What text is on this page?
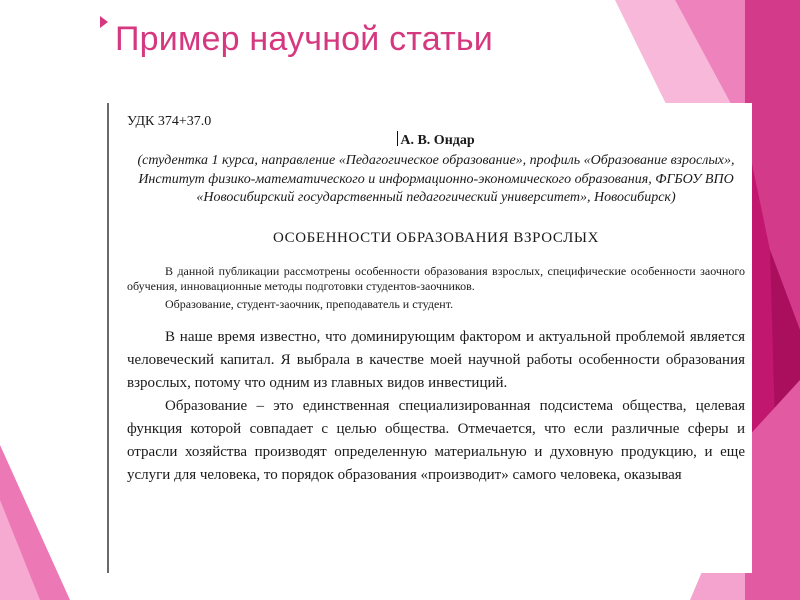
Пример научной статьи

УДК 374+37.0

А. В. Ондар

(студентка 1 курса, направление «Педагогическое образование», профиль «Образование взрослых», Институт физико-математического и информационно-экономического образования, ФГБОУ ВПО «Новосибирский государственный педагогический университет», Новосибирск)

ОСОБЕННОСТИ ОБРАЗОВАНИЯ ВЗРОСЛЫХ

В данной публикации рассмотрены особенности образования взрослых, специфические особенности заочного обучения, инновационные методы подготовки студентов-заочников.

Образование, студент-заочник, преподаватель и студент.

В наше время известно, что доминирующим фактором и актуальной проблемой является человеческий капитал. Я выбрала в качестве моей научной работы особенности образования взрослых, потому что одним из главных видов инвестиций.

Образование – это единственная специализированная подсистема общества, целевая функция которой совпадает с целью общества. Отмечается, что если различные сферы и отрасли хозяйства производят определенную материальную и духовную продукцию, и еще услуги для человека, то порядок образования «производит» самого человека, оказывая
